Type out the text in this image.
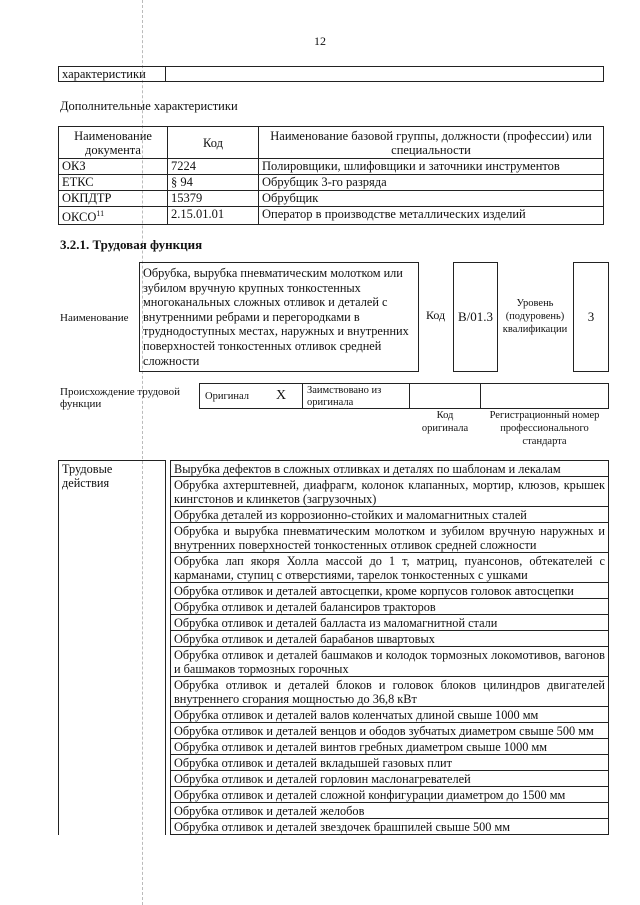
12
характеристики	
Дополнительные характеристики
Наименование документа	Код	Наименование базовой группы, должности (профессии) или специальности
ОКЗ	7224	Полировщики, шлифовщики и заточники инструментов
ЕТКС	§ 94	Обрубщик 3-го разряда
ОКПДТР	15379	Обрубщик
ОКСО$^{11}$	2.15.01.01	Оператор в производстве металлических изделий
3.2.1. Трудовая функция
Наименование
Обрубка, вырубка пневматическим молотком или зубилом вручную крупных тонкостенных многоканальных сложных отливок и деталей с внутренними ребрами и перегородками в труднодоступных местах, наружных и внутренних поверхностей тонкостенных отливок средней сложности
Код B/01.3
Уровень (подуровень) квалификации
3
Происхождение трудовой функции
Оригинал X Заимствовано из оригинала
Код оригинала
Регистрационный номер профессионального стандарта
Трудовые действия		Вырубка дефектов в сложных отливках и деталях по шаблонам и лекалам
Обрубка ахтерштевней, диафрагм, колонок клапанных, мортир, клюзов, крышек кингстонов и клинкетов (загрузочных)
Обрубка деталей из коррозионно-стойких и маломагнитных сталей
Обрубка и вырубка пневматическим молотком и зубилом вручную наружных и внутренних поверхностей тонкостенных отливок средней сложности
Обрубка лап якоря Холла массой до 1 т, матриц, пуансонов, обтекателей с карманами, ступиц с отверстиями, тарелок тонкостенных с ушками
Обрубка отливок и деталей автосцепки, кроме корпусов головок автосцепки
Обрубка отливок и деталей балансиров тракторов
Обрубка отливок и деталей балласта из маломагнитной стали
Обрубка отливок и деталей барабанов швартовых
Обрубка отливок и деталей башмаков и колодок тормозных локомотивов, вагонов и башмаков тормозных горочных
Обрубка отливок и деталей блоков и головок блоков цилиндров двигателей внутреннего сгорания мощностью до 36,8 кВт
Обрубка отливок и деталей валов коленчатых длиной свыше 1000 мм
Обрубка отливок и деталей венцов и ободов зубчатых диаметром свыше 500 мм
Обрубка отливок и деталей винтов гребных диаметром свыше 1000 мм
Обрубка отливок и деталей вкладышей газовых плит
Обрубка отливок и деталей горловин маслонагревателей
Обрубка отливок и деталей сложной конфигурации диаметром до 1500 мм
Обрубка отливок и деталей желобов
Обрубка отливок и деталей звездочек брашпилей свыше 500 мм
